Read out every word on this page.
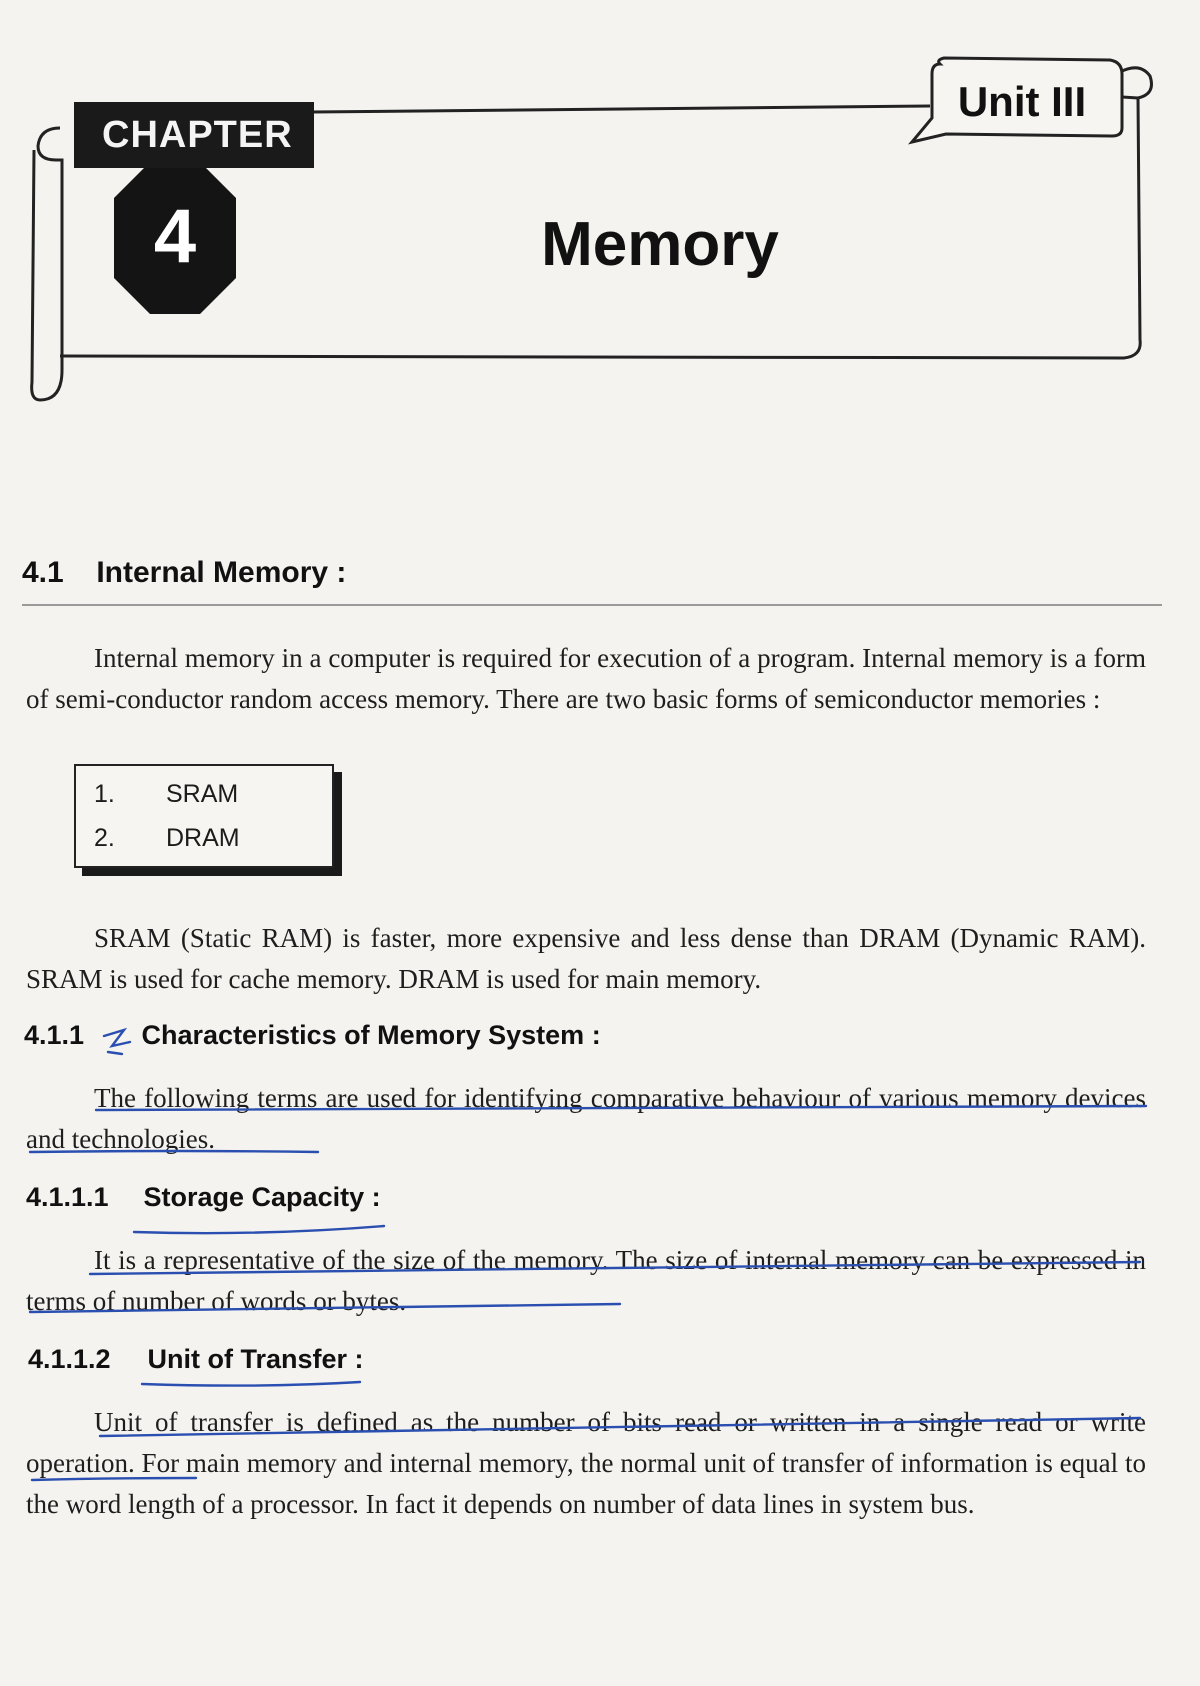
CHAPTER
4
Unit III
Memory
4.1 Internal Memory :
Internal memory in a computer is required for execution of a program. Internal memory is a form of semi-conductor random access memory. There are two basic forms of semiconductor memories :
1. SRAM
2. DRAM
SRAM (Static RAM) is faster, more expensive and less dense than DRAM (Dynamic RAM). SRAM is used for cache memory. DRAM is used for main memory.
4.1.1 Characteristics of Memory System :
The following terms are used for identifying comparative behaviour of various memory devices and technologies.
4.1.1.1 Storage Capacity :
It is a representative of the size of the memory. The size of internal memory can be expressed in terms of number of words or bytes.
4.1.1.2 Unit of Transfer :
Unit of transfer is defined as the number of bits read or written in a single read or write operation. For main memory and internal memory, the normal unit of transfer of information is equal to the word length of a processor. In fact it depends on number of data lines in system bus.
